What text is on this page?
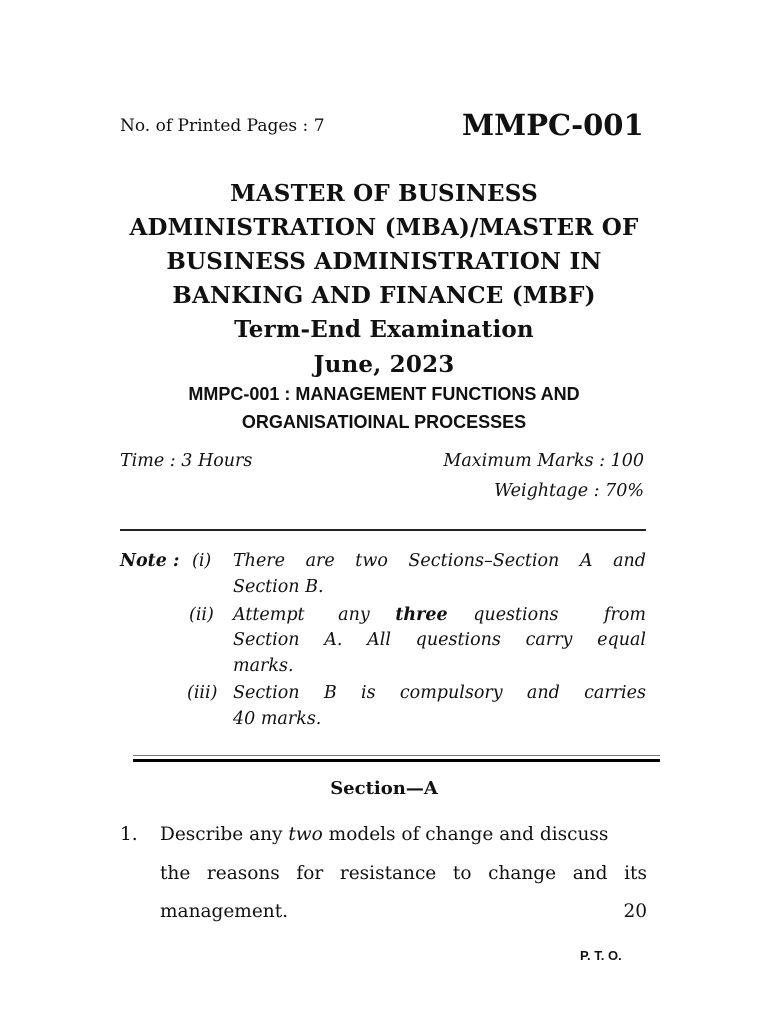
No. of Printed Pages : 7	MMPC-001
MASTER OF BUSINESS
ADMINISTRATION (MBA)/MASTER OF
BUSINESS ADMINISTRATION IN
BANKING AND FINANCE (MBF)
Term-End Examination
June, 2023
MMPC-001 : MANAGEMENT FUNCTIONS AND
ORGANISATIOINAL PROCESSES
Time : 3 Hours	Maximum Marks : 100
Weightage : 70%
Note : (i) There are two Sections–Section A and
Section B.
(ii) Attempt any three questions from
Section A. All questions carry equal
marks.
(iii) Section B is compulsory and carries
40 marks.
Section—A
1. Describe any two models of change and discuss
the reasons for resistance to change and its
management.	20
P. T. O.
